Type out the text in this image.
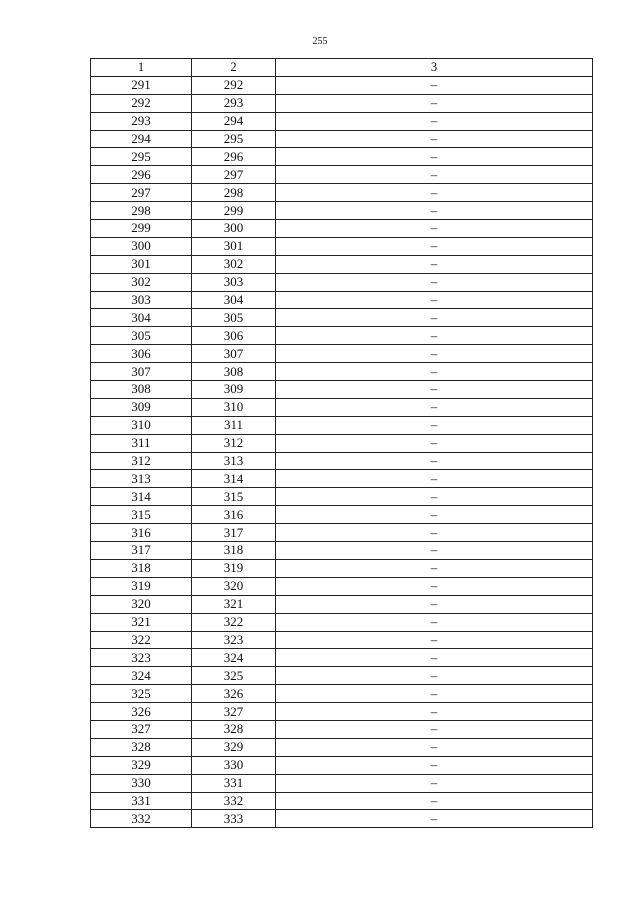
255
1	2	3
291	292	–
292	293	–
293	294	–
294	295	–
295	296	–
296	297	–
297	298	–
298	299	–
299	300	–
300	301	–
301	302	–
302	303	–
303	304	–
304	305	–
305	306	–
306	307	–
307	308	–
308	309	–
309	310	–
310	311	–
311	312	–
312	313	–
313	314	–
314	315	–
315	316	–
316	317	–
317	318	–
318	319	–
319	320	–
320	321	–
321	322	–
322	323	–
323	324	–
324	325	–
325	326	–
326	327	–
327	328	–
328	329	–
329	330	–
330	331	–
331	332	–
332	333	–
